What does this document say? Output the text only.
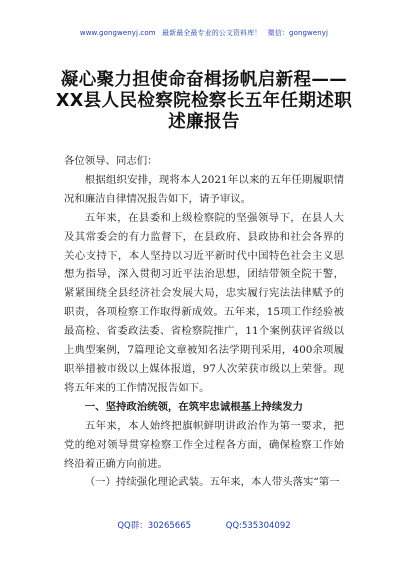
www.gongwenyj.com 最新最全最专业的公文资料库！ 微信：gongwenyj
凝心聚力担使命奋楫扬帆启新程——XX县人民检察院检察长五年任期述职述廉报告

各位领导、同志们：

根据组织安排，现将本人2021年以来的五年任期履职情况和廉洁自律情况报告如下，请予审议。

五年来，在县委和上级检察院的坚强领导下，在县人大及其常委会的有力监督下，在县政府、县政协和社会各界的关心支持下，本人坚持以习近平新时代中国特色社会主义思想为指导，深入贯彻习近平法治思想，团结带领全院干警，紧紧围绕全县经济社会发展大局，忠实履行宪法法律赋予的职责，各项检察工作取得新成效。五年来，15项工作经验被最高检、省委政法委、省检察院推广，11个案例获评省级以上典型案例，7篇理论文章被知名法学期刊采用，400余项履职举措被市级以上媒体报道，97人次荣获市级以上荣誉。现将五年来的工作情况报告如下。

一、坚持政治统领，在筑牢忠诚根基上持续发力

五年来，本人始终把旗帜鲜明讲政治作为第一要求，把党的绝对领导贯穿检察工作全过程各方面，确保检察工作始终沿着正确方向前进。

（一）持续强化理论武装。五年来，本人带头落实“第一

QQ群：30265665	QQ:535304092
